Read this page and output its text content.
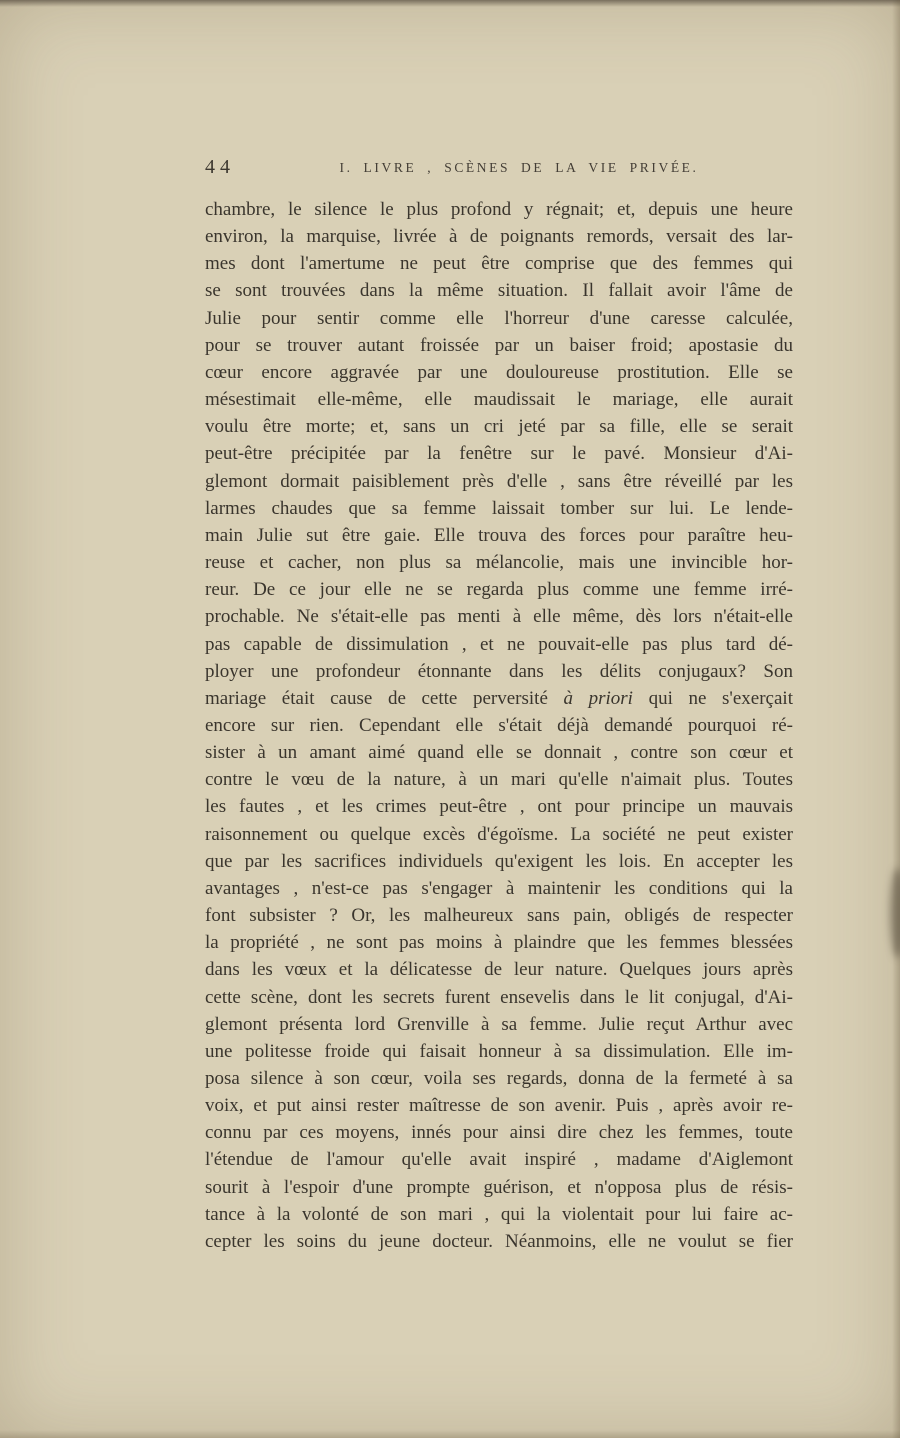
44	I. LIVRE , SCÈNES DE LA VIE PRIVÉE.
chambre, le silence le plus profond y régnait; et, depuis une heure
environ, la marquise, livrée à de poignants remords, versait des lar-
mes dont l'amertume ne peut être comprise que des femmes qui
se sont trouvées dans la même situation. Il fallait avoir l'âme de
Julie pour sentir comme elle l'horreur d'une caresse calculée,
pour se trouver autant froissée par un baiser froid; apostasie du
cœur encore aggravée par une douloureuse prostitution. Elle se
mésestimait elle-même, elle maudissait le mariage, elle aurait
voulu être morte; et, sans un cri jeté par sa fille, elle se serait
peut-être précipitée par la fenêtre sur le pavé. Monsieur d'Ai-
glemont dormait paisiblement près d'elle , sans être réveillé par les
larmes chaudes que sa femme laissait tomber sur lui. Le lende-
main Julie sut être gaie. Elle trouva des forces pour paraître heu-
reuse et cacher, non plus sa mélancolie, mais une invincible hor-
reur. De ce jour elle ne se regarda plus comme une femme irré-
prochable. Ne s'était-elle pas menti à elle même, dès lors n'était-elle
pas capable de dissimulation , et ne pouvait-elle pas plus tard dé-
ployer une profondeur étonnante dans les délits conjugaux? Son
mariage était cause de cette perversité à priori qui ne s'exerçait
encore sur rien. Cependant elle s'était déjà demandé pourquoi ré-
sister à un amant aimé quand elle se donnait , contre son cœur et
contre le vœu de la nature, à un mari qu'elle n'aimait plus. Toutes
les fautes , et les crimes peut-être , ont pour principe un mauvais
raisonnement ou quelque excès d'égoïsme. La société ne peut exister
que par les sacrifices individuels qu'exigent les lois. En accepter les
avantages , n'est-ce pas s'engager à maintenir les conditions qui la
font subsister ? Or, les malheureux sans pain, obligés de respecter
la propriété , ne sont pas moins à plaindre que les femmes blessées
dans les vœux et la délicatesse de leur nature. Quelques jours après
cette scène, dont les secrets furent ensevelis dans le lit conjugal, d'Ai-
glemont présenta lord Grenville à sa femme. Julie reçut Arthur avec
une politesse froide qui faisait honneur à sa dissimulation. Elle im-
posa silence à son cœur, voila ses regards, donna de la fermeté à sa
voix, et put ainsi rester maîtresse de son avenir. Puis , après avoir re-
connu par ces moyens, innés pour ainsi dire chez les femmes, toute
l'étendue de l'amour qu'elle avait inspiré , madame d'Aiglemont
sourit à l'espoir d'une prompte guérison, et n'opposa plus de résis-
tance à la volonté de son mari , qui la violentait pour lui faire ac-
cepter les soins du jeune docteur. Néanmoins, elle ne voulut se fier
